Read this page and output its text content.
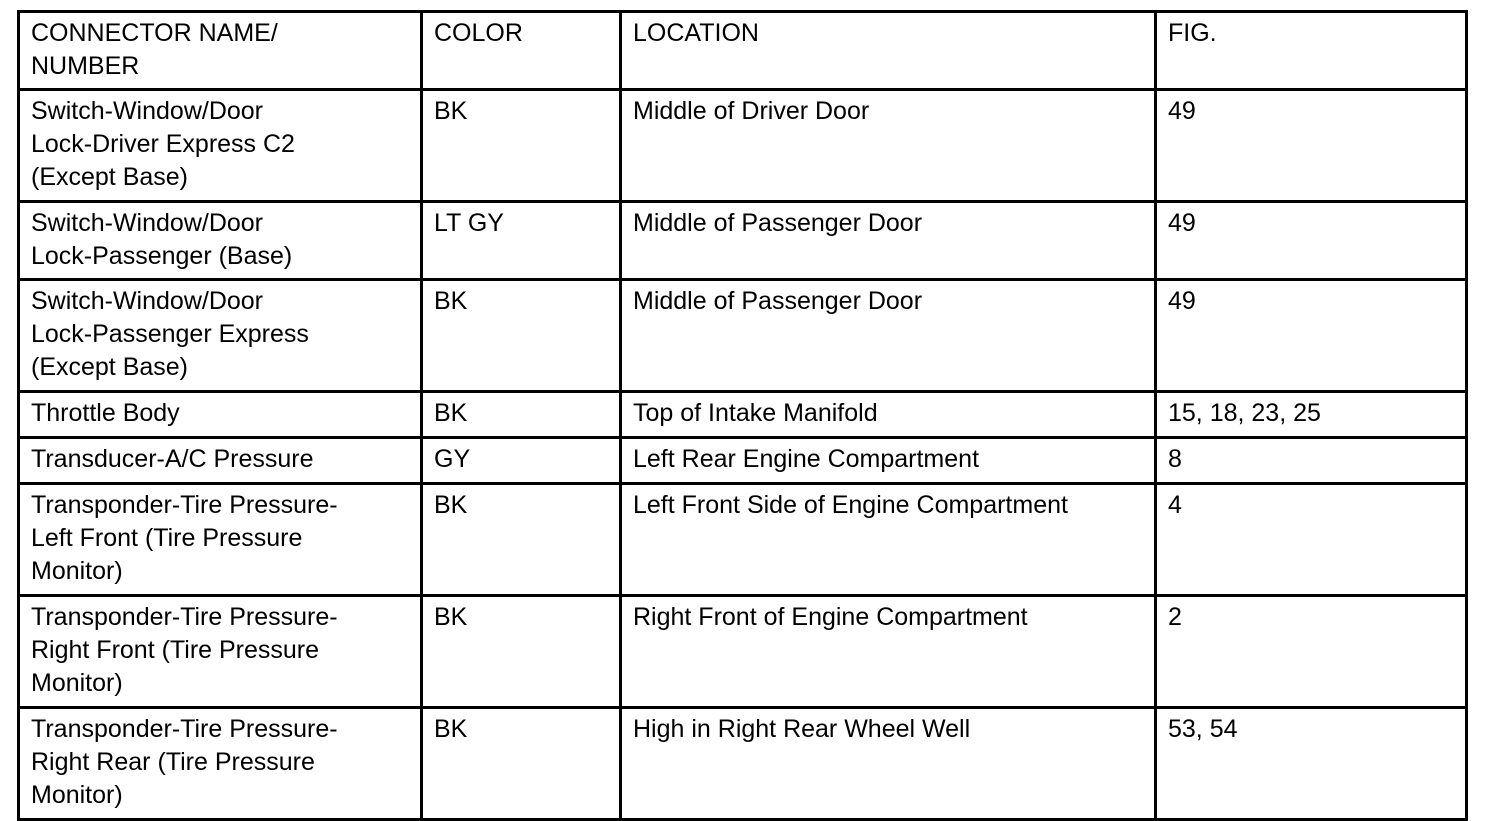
CONNECTOR NAME/
NUMBER	COLOR	LOCATION	FIG.
Switch-Window/Door
Lock-Driver Express C2
(Except Base)	BK	Middle of Driver Door	49
Switch-Window/Door
Lock-Passenger (Base)	LT GY	Middle of Passenger Door	49
Switch-Window/Door
Lock-Passenger Express
(Except Base)	BK	Middle of Passenger Door	49
Throttle Body	BK	Top of Intake Manifold	15, 18, 23, 25
Transducer-A/C Pressure	GY	Left Rear Engine Compartment	8
Transponder-Tire Pressure-
Left Front (Tire Pressure
Monitor)	BK	Left Front Side of Engine Compartment	4
Transponder-Tire Pressure-
Right Front (Tire Pressure
Monitor)	BK	Right Front of Engine Compartment	2
Transponder-Tire Pressure-
Right Rear (Tire Pressure
Monitor)	BK	High in Right Rear Wheel Well	53, 54
